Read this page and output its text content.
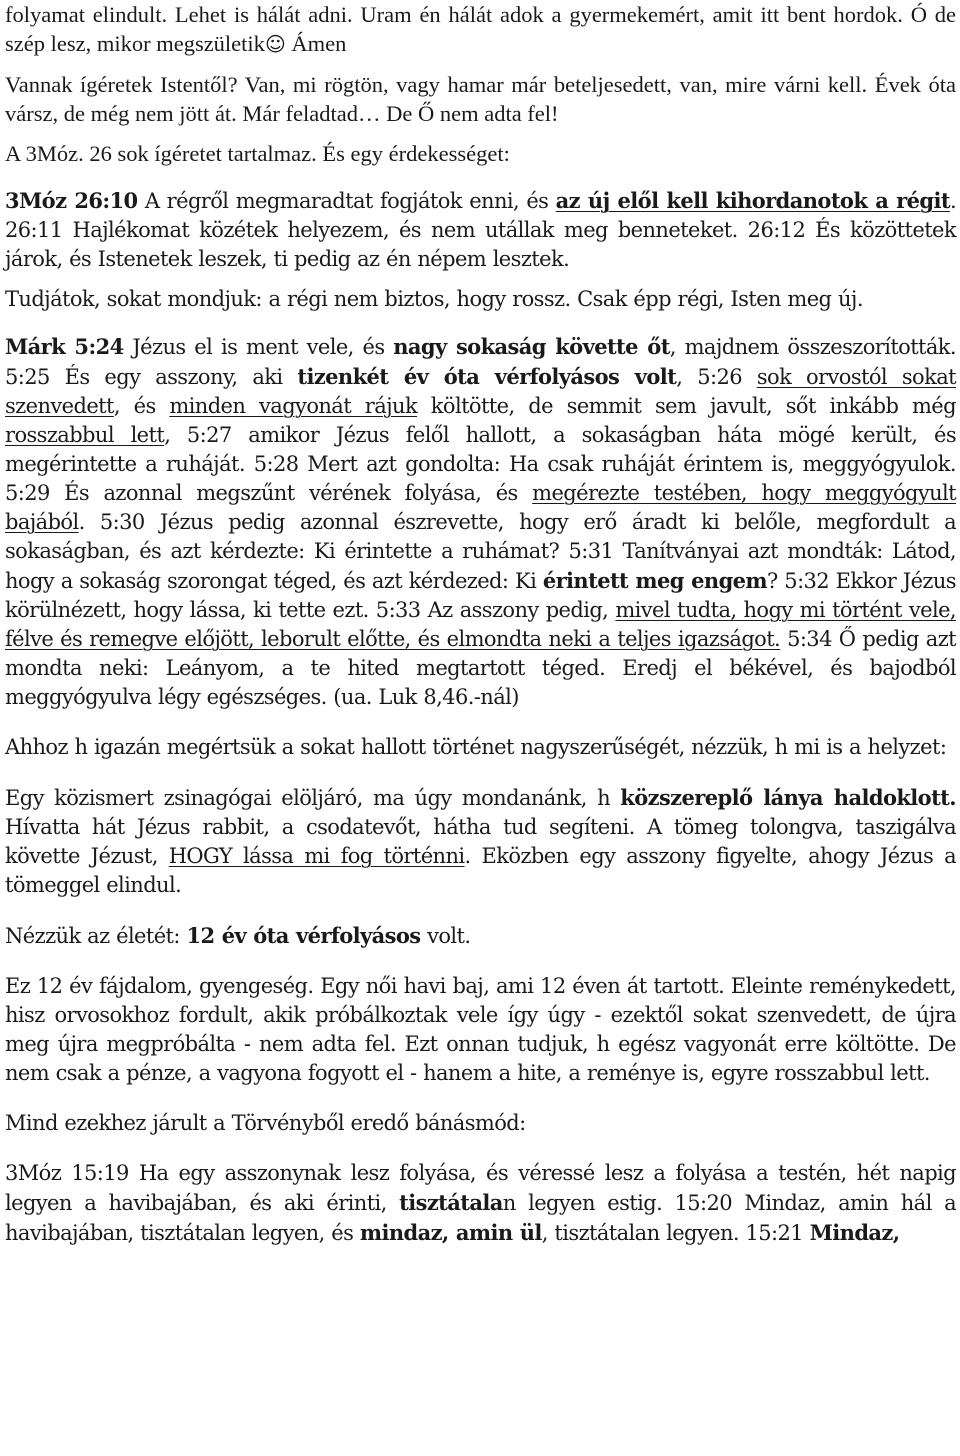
folyamat elindult. Lehet is hálát adni. Uram én hálát adok a gyermekemért, amit itt bent hordok. Ó de szép lesz, mikor megszületik☺ Ámen

Vannak ígéretek Istentől? Van, mi rögtön, vagy hamar már beteljesedett, van, mire várni kell. Évek óta vársz, de még nem jött át. Már feladtad… De Ő nem adta fel!

A 3Móz. 26 sok ígéretet tartalmaz. És egy érdekességet:

3Móz 26:10 A régről megmaradtat fogjátok enni, és az új elől kell kihordanotok a régit. 26:11 Hajlékomat közétek helyezem, és nem utállak meg benneteket. 26:12 És közöttetek járok, és Istenetek leszek, ti pedig az én népem lesztek.

Tudjátok, sokat mondjuk: a régi nem biztos, hogy rossz. Csak épp régi, Isten meg új.

Márk 5:24 Jézus el is ment vele, és nagy sokaság követte őt, majdnem összeszorították. 5:25 És egy asszony, aki tizenkét év óta vérfolyásos volt, 5:26 sok orvostól sokat szenvedett, és minden vagyonát rájuk költötte, de semmit sem javult, sőt inkább még rosszabbul lett, 5:27 amikor Jézus felől hallott, a sokaságban háta mögé került, és megérintette a ruháját. 5:28 Mert azt gondolta: Ha csak ruháját érintem is, meggyógyulok. 5:29 És azonnal megszűnt vérének folyása, és megérezte testében, hogy meggyógyult bajából. 5:30 Jézus pedig azonnal észrevette, hogy erő áradt ki belőle, megfordult a sokaságban, és azt kérdezte: Ki érintette a ruhámat? 5:31 Tanítványai azt mondták: Látod, hogy a sokaság szorongat téged, és azt kérdezed: Ki érintett meg engem? 5:32 Ekkor Jézus körülnézett, hogy lássa, ki tette ezt. 5:33 Az asszony pedig, mivel tudta, hogy mi történt vele, félve és remegve előjött, leborult előtte, és elmondta neki a teljes igazságot. 5:34 Ő pedig azt mondta neki: Leányom, a te hited megtartott téged. Eredj el békével, és bajodból meggyógyulva légy egészséges. (ua. Luk 8,46.-nál)

Ahhoz h igazán megértsük a sokat hallott történet nagyszerűségét, nézzük, h mi is a helyzet:

Egy közismert zsinagógai elöljáró, ma úgy mondanánk, h közszereplő lánya haldoklott. Hívatta hát Jézus rabbit, a csodatevőt, hátha tud segíteni. A tömeg tolongva, taszigálva követte Jézust, HOGY lássa mi fog történni. Eközben egy asszony figyelte, ahogy Jézus a tömeggel elindul.

Nézzük az életét: 12 év óta vérfolyásos volt.

Ez 12 év fájdalom, gyengeség. Egy női havi baj, ami 12 éven át tartott. Eleinte reménykedett, hisz orvosokhoz fordult, akik próbálkoztak vele így úgy - ezektől sokat szenvedett, de újra meg újra megpróbálta - nem adta fel. Ezt onnan tudjuk, h egész vagyonát erre költötte. De nem csak a pénze, a vagyona fogyott el - hanem a hite, a reménye is, egyre rosszabbul lett.

Mind ezekhez járult a Törvényből eredő bánásmód:

3Móz 15:19 Ha egy asszonynak lesz folyása, és véressé lesz a folyása a testén, hét napig legyen a havibajában, és aki érinti, tisztátalan legyen estig. 15:20 Mindaz, amin hál a havibajában, tisztátalan legyen, és mindaz, amin ül, tisztátalan legyen. 15:21 Mindaz,
